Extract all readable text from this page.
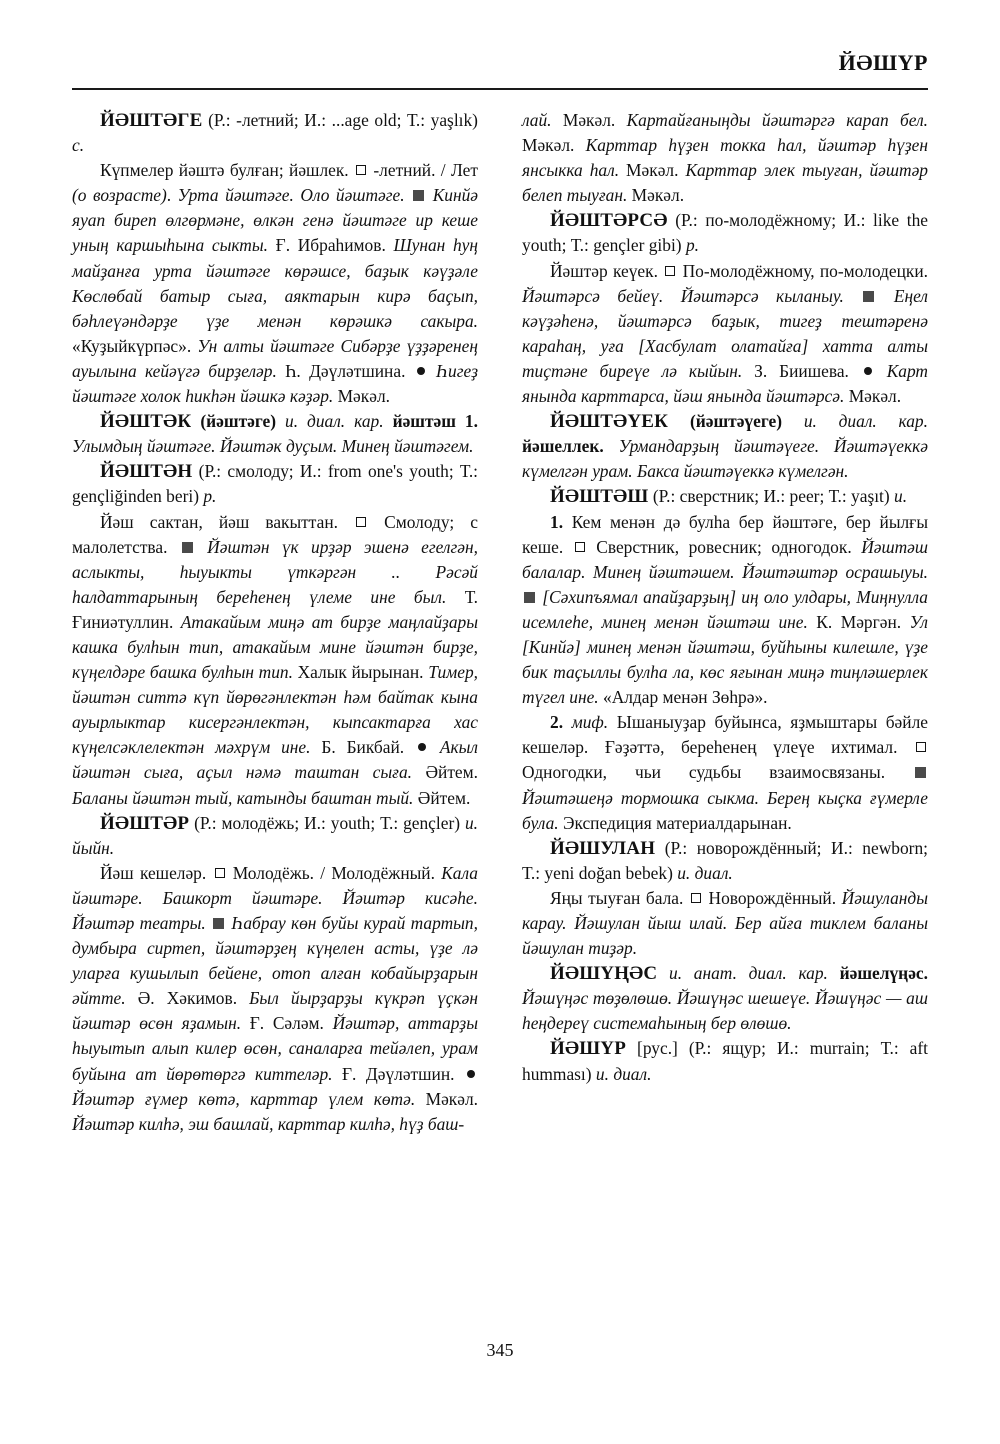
ЙӘШҮР

ЙӘШТӘГЕ (Р.: -летний; И.: ...age old; Т.: yaşlık) с.

Күпмелер йәштә булған; йәшлек.  -летний. / Лет (о возрасте). Урта йәштәге. Оло йәштәге. Кинйә яуап биреп өлгөрмәне, өлкән генә йәштәге ир кеше уның каршыһына сыкты. Ғ. Ибраһимов. Шунан һуң майҙанға урта йәштәге көрәшсе, баҙык кәүҙәле Көслөбай батыр сыға, аяктарын кирә баҫып, бәһлеүәндәрҙе үҙе менән көрәшкә сакыра. «Куҙыйкүрпәс». Ун алты йәштәге Сибәрҙе үҙҙәренең ауылына кейәүгә бирҙеләр. Һ. Дәүләтшина.  Һигеҙ йәштәге холок һикһән йәшкә кәҙәр. Мәкәл.

ЙӘШТӘК (йәштәге) и. диал. кар. йәштәш 1. Улымдың йәштәге. Йәштәк дуҫым. Минең йәштәгем.

ЙӘШТӘН (Р.: смолоду; И.: from one's youth; Т.: gençliğinden beri) р.

Йәш сактан, йәш вакыттан.  Смолоду; с малолетства.  Йәштән үк ирҙәр эшенә егелгән, аслыкты, һыуыкты үткәргән .. Рәсәй һалдаттарының береһенең үлеме ине был. Т. Ғиниәтуллин. Атакайым миңә ат бирҙе маңлайҙары кашка булһын тип, атакайым мине йәштән бирҙе, күңелдәре башка булһын тип. Халык йырынан. Тимер, йәштән ситтә күп йөрөгәнлектән һәм байтак кына ауырлыктар кисергәнлектән, кыпсактарға хас күңелсәклелектән мәхрүм ине. Б. Бикбай.  Акыл йәштән сыға, аҫыл нәмә таштан сыға. Әйтем. Баланы йәштән тый, катынды баштан тый. Әйтем.

ЙӘШТӘР (Р.: молодёжь; И.: youth; Т.: gençler) и. йыйн.

Йәш кешеләр.  Молодёжь. / Молодёжный. Кала йәштәре. Башкорт йәштәре. Йәштәр кисәһе. Йәштәр театры. Һабрау көн буйы курай тартып, думбыра сиртеп, йәштәрҙең күңелен асты, үҙе лә уларға кушылып бейене, отоп алған кобайырҙарын әйтте. Ә. Хәкимов. Был йырҙарҙы күкрәп үҫкән йәштәр өсөн яҙамын. Ғ. Сәләм. Йәштәр, аттарҙы һыуытып алып килер өсөн, саналарға тейәлеп, урам буйына ат йөрөтөргә киттеләр. Ғ. Дәүләтшин.  Йәштәр ғүмер көтә, карттар үлем көтә. Мәкәл. Йәштәр килһә, эш башлай, карттар килһә, һүҙ баш-

лай. Мәкәл. Картайғаныңды йәштәргә карап бел. Мәкәл. Карттар һүҙен токка һал, йәштәр һүҙен янсыкка һал. Мәкәл. Карттар элек тыуған, йәштәр белеп тыуған. Мәкәл.

ЙӘШТӘРСӘ (Р.: по-молодёжному; И.: like the youth; Т.: gençler gibi) р.

Йәштәр кеүек.  По-молодёжному, по-молодецки. Йәштәрсә бейеү. Йәштәрсә кыланыу.	Еңел кәүҙәһенә, йәштәрсә баҙык, тигеҙ тештәренә караһаң, уға [Хасбулат олатайға] хатта алты тиҫтәне биреүе лә кыйын. З. Биишева.  Карт янында карттарса, йәш янында йәштәрсә. Мәкәл.

ЙӘШТӘҮЕК (йәштәүеге) и. диал. кар. йәшеллек. Урмандарҙың йәштәүеге. Йәштәүеккә күмелгән урам. Бакса йәштәүеккә күмелгән.

ЙӘШТӘШ (Р.: сверстник; И.: peer; Т.: yaşıt) и.

1. Кем менән дә булһа бер йәштәге, бер йылғы кеше.  Сверстник, ровесник; одногодок. Йәштәш балалар. Минең йәштәшем. Йәштәштәр осрашыуы.  [Сәхипъямал апайҙарҙың] иң оло улдары, Миңнулла исемлеһе, минең менән йәштәш ине. К. Мәргән. Ул [Кинйә] минең менән йәштәш, буйһыны килешле, үҙе бик таҫыллы булһа ла, көс яғынан миңә тиңләшерлек түгел ине. «Алдар менән Зөһрә».

2. миф. Ышаныуҙар буйынса, яҙмыштары бәйле кешеләр. Ғәҙәттә, береһенең үлеүе ихтимал.  Одногодки, чьи судьбы взаимосвязаны.  Йәштәшеңә тормошка сыкма. Берең кыҫка ғүмерле була. Экспедиция материалдарынан.

ЙӘШУЛАН (Р.: новорождённый; И.: newborn; Т.: yeni doğan bebek) и. диал.

Яңы тыуған бала.  Новорождённый. Йәшуланды карау. Йәшулан йыш илай. Бер айға тиклем баланы йәшулан тиҙәр.

ЙӘШҮҢӘС и. анат. диал. кар. йәшелүңәс. Йәшүңәс төҙөлөшө. Йәшүңәс шешеүе. Йәшүңәс — аш һеңдереү системаһының бер өлөшө.

ЙӘШҮР [рус.] (Р.: ящур; И.: murrain; Т.: aft humması) и. диал.

345
